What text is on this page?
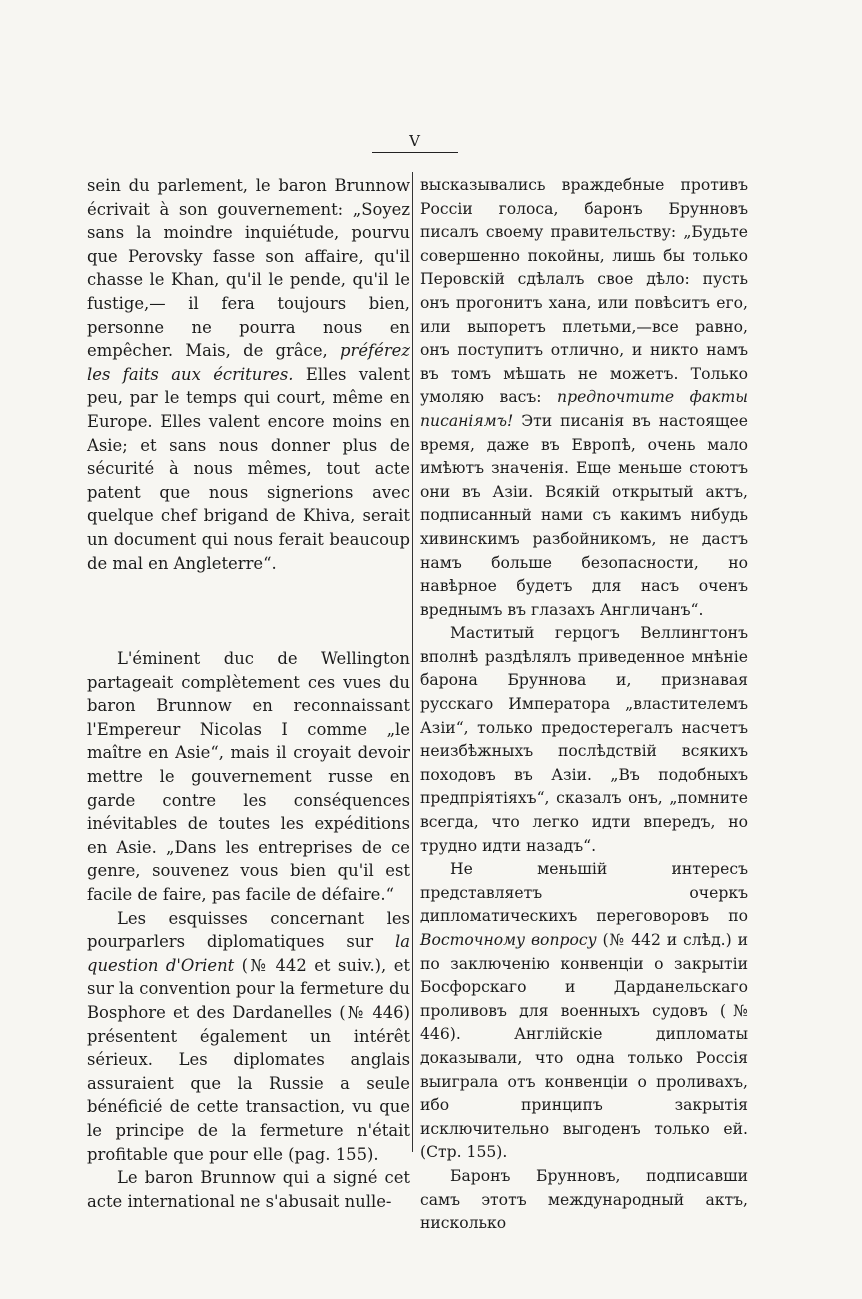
V

sein du parlement, le baron Brunnow écrivait à son gouvernement: „Soyez sans la moindre inquiétude, pourvu que Perovsky fasse son affaire, qu'il chasse le Khan, qu'il le pende, qu'il le fustige,— il fera toujours bien, personne ne pourra nous en empêcher. Mais, de grâce, préférez les faits aux écritures. Elles valent peu, par le temps qui court, même en Europe. Elles valent encore moins en Asie; et sans nous donner plus de sécurité à nous mêmes, tout acte patent que nous signerions avec quelque chef brigand de Khiva, serait un document qui nous ferait beaucoup de mal en Angleterre“.

L'éminent duc de Wellington partageait complètement ces vues du baron Brunnow en reconnaissant l'Empereur Nicolas I comme „le maître en Asie“, mais il croyait devoir mettre le gouvernement russe en garde contre les conséquences inévitables de toutes les expéditions en Asie. „Dans les entreprises de ce genre, souvenez vous bien qu'il est facile de faire, pas facile de défaire.“

Les esquisses concernant les pourparlers diplomatiques sur la question d'Orient (№ 442 et suiv.), et sur la convention pour la fermeture du Bosphore et des Dardanelles (№ 446) présentent également un intérêt sérieux. Les diplomates anglais assuraient que la Russie a seule bénéficié de cette transaction, vu que le principe de la fermeture n'était profitable que pour elle (pag. 155).

Le baron Brunnow qui a signé cet acte international ne s'abusait nulle-

высказывались враждебные противъ Россіи голоса, баронъ Брунновъ писалъ своему правительству: „Будьте совершенно покойны, лишь бы только Перовскій сдѣлалъ свое дѣло: пусть онъ прогонитъ хана, или повѣситъ его, или выпоретъ плетьми,—все равно, онъ поступитъ отлично, и никто намъ въ томъ мѣшать не можетъ. Только умоляю васъ: предпочтите факты писаніямъ! Эти писанія въ настоящее время, даже въ Европѣ, очень мало имѣютъ значенія. Еще меньше стоютъ они въ Азіи. Всякій открытый актъ, подписанный нами съ какимъ нибудь хивинскимъ разбойникомъ, не дастъ намъ больше безопасности, но навѣрное будетъ для насъ оченъ вреднымъ въ глазахъ Англичанъ“.

Маститый герцогъ Веллингтонъ вполнѣ раздѣлялъ приведенное мнѣніе барона Бруннова и, признавая русскаго Императора „властителемъ Азіи“, только предостерегалъ насчетъ неизбѣжныхъ послѣдствій всякихъ походовъ въ Азіи. „Въ подобныхъ предпріятіяхъ“, сказалъ онъ, „помните всегда, что легко идти впередъ, но трудно идти назадъ“.

Не меньшій интересъ представляетъ очеркъ дипломатическихъ переговоровъ по Восточному вопросу (№ 442 и слѣд.) и по заключенію конвенціи о закрытіи Босфорскаго и Дарданельскаго проливовъ для военныхъ судовъ (№ 446). Англійскіе дипломаты доказывали, что одна только Россія выиграла отъ конвенціи о проливахъ, ибо принципъ закрытія исключительно выгоденъ только ей. (Стр. 155).

Баронъ Брунновъ, подписавши самъ этотъ международный актъ, нисколько
